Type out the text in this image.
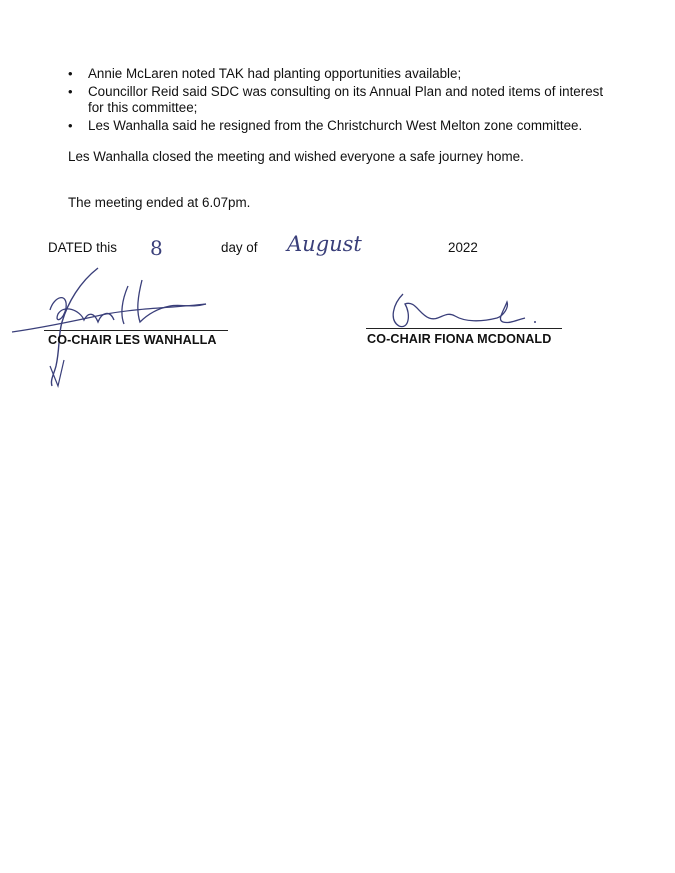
• Annie McLaren noted TAK had planting opportunities available;
• Councillor Reid said SDC was consulting on its Annual Plan and noted items of interest for this committee;
• Les Wanhalla said he resigned from the Christchurch West Melton zone committee.

Les Wanhalla closed the meeting and wished everyone a safe journey home.

The meeting ended at 6.07pm.

DATED this 8	day of August	2022
CO-CHAIR LES WANHALLA	CO-CHAIR FIONA MCDONALD
